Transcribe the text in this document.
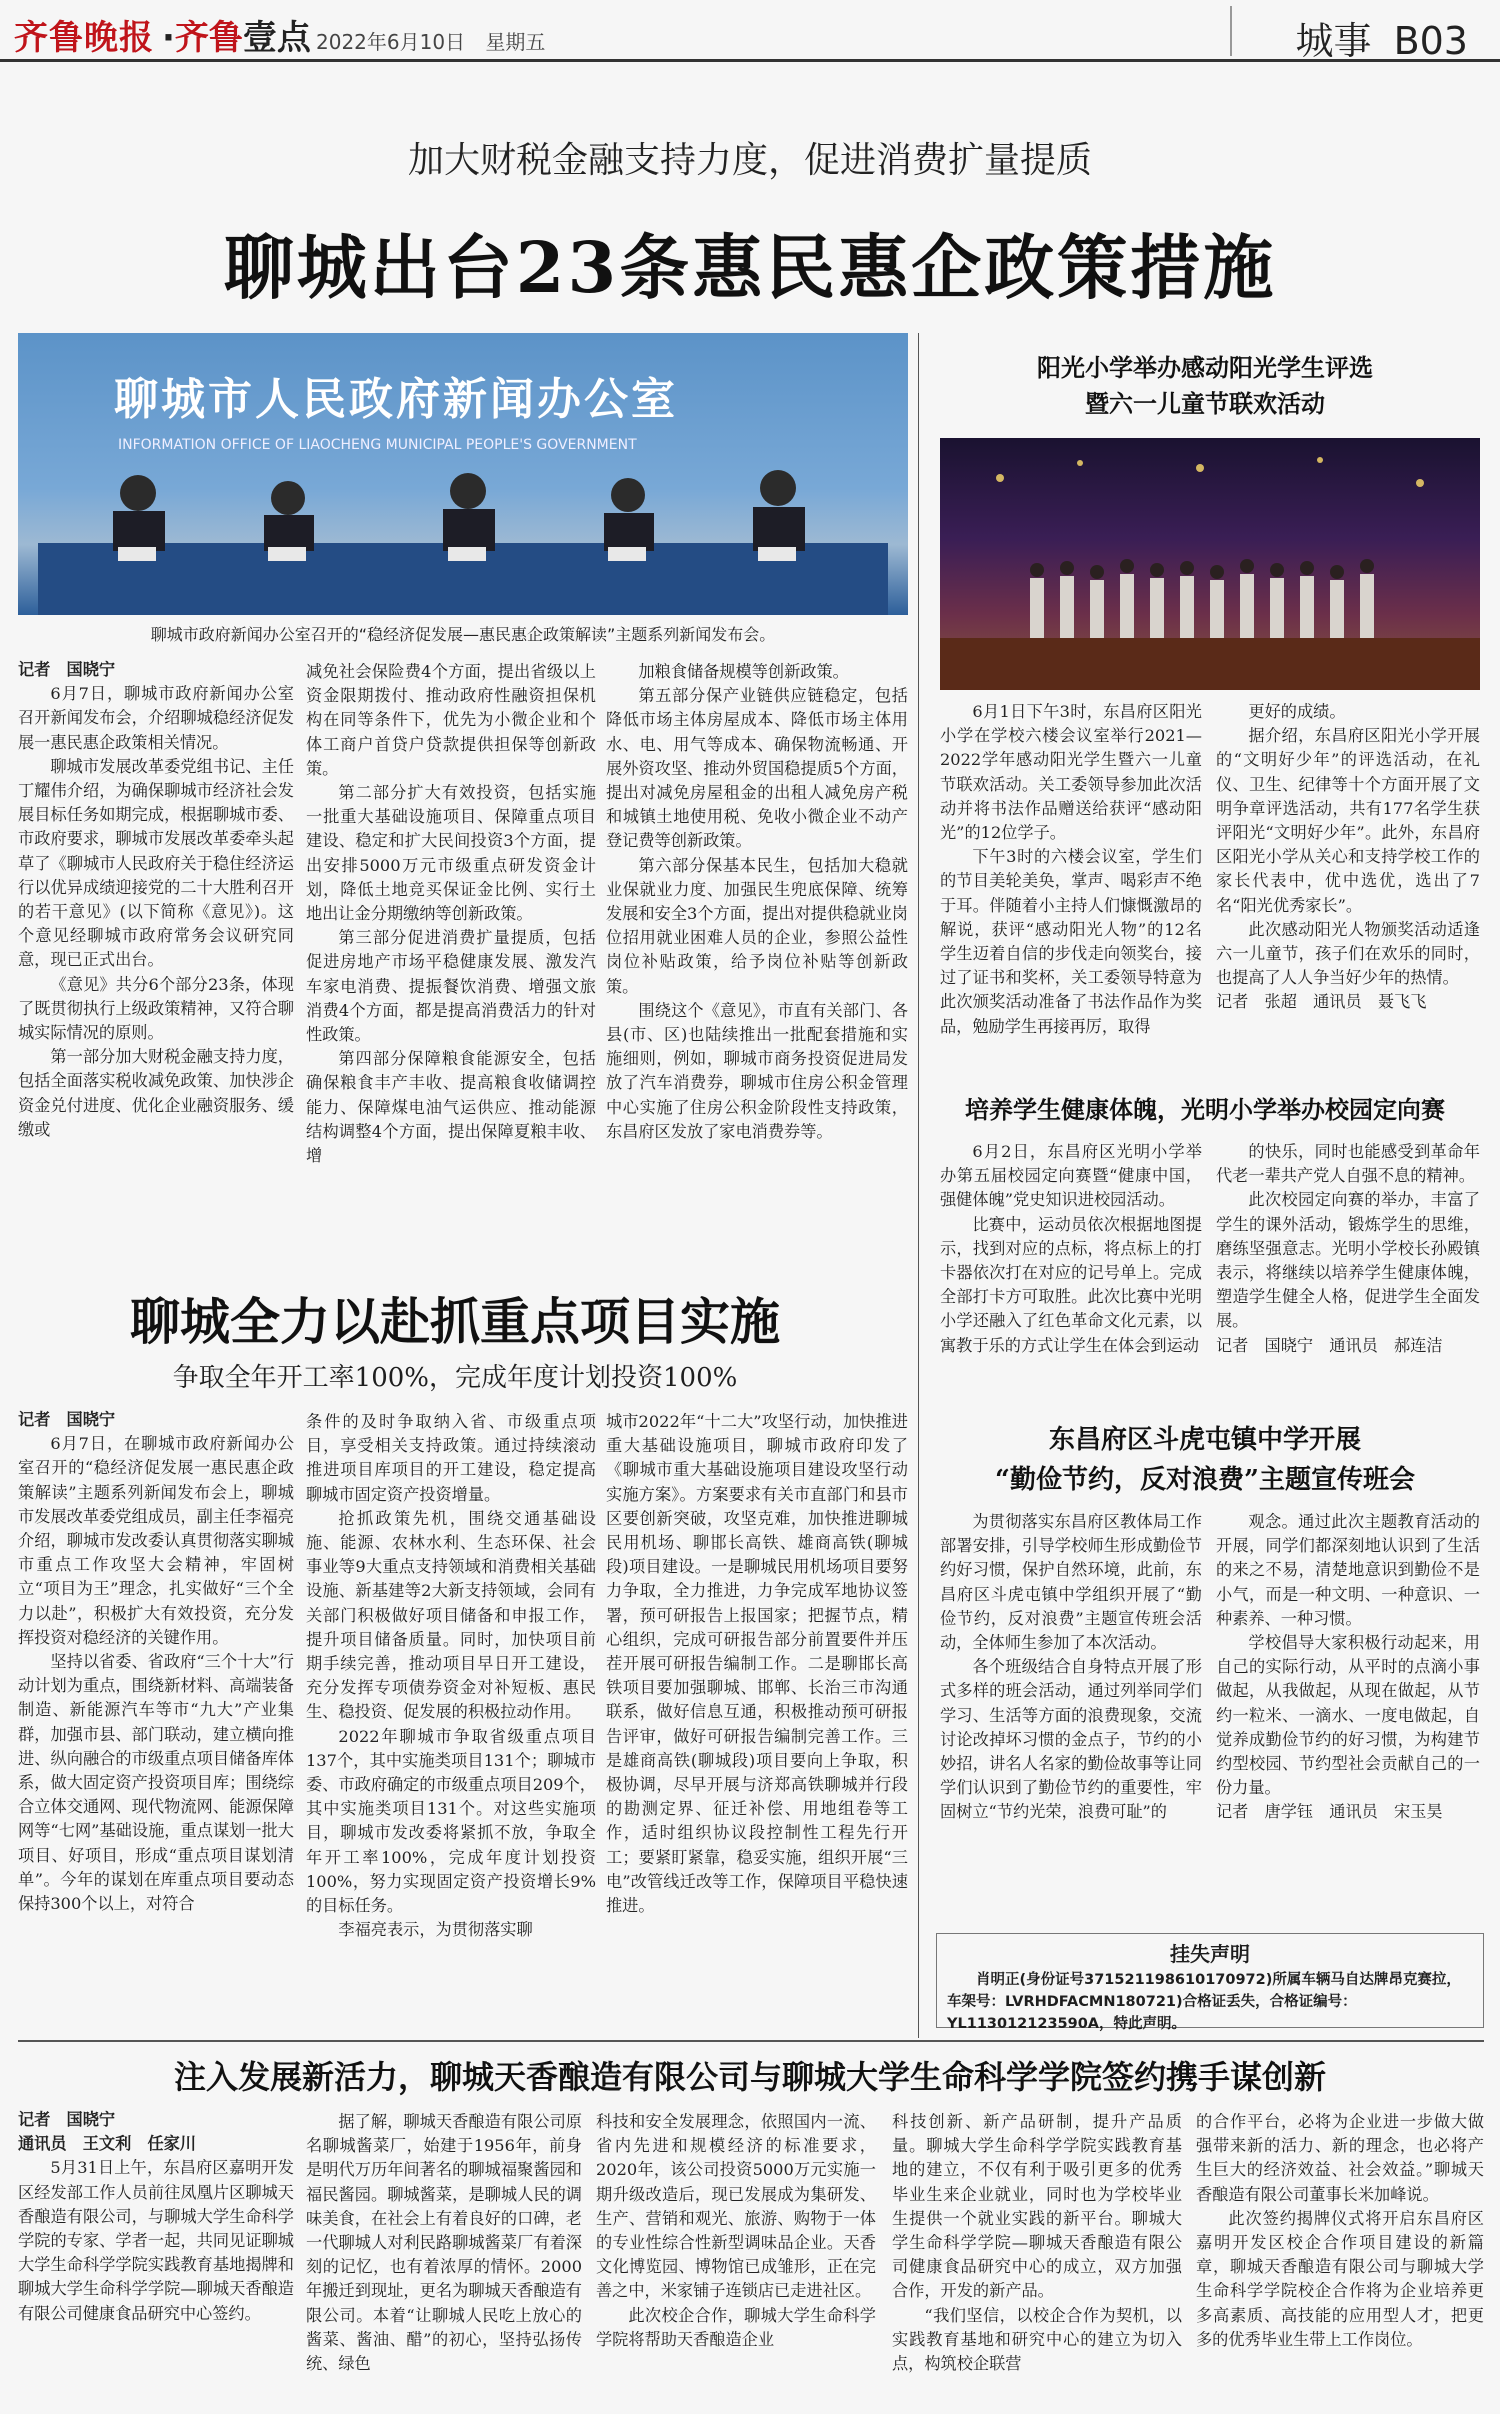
齐鲁晚报 ·齐鲁壹点 2022年6月10日 星期五	城事 B03
加大财税金融支持力度，促进消费扩量提质
聊城出台23条惠民惠企政策措施
聊城市人民政府新闻办公室
INFORMATION OFFICE OF LIAOCHENG MUNICIPAL PEOPLE'S GOVERNMENT
聊城市政府新闻办公室召开的“稳经济促发展—惠民惠企政策解读”主题系列新闻发布会。

记者　国晓宁

6月7日，聊城市政府新闻办公室召开新闻发布会，介绍聊城稳经济促发展一惠民惠企政策相关情况。

聊城市发展改革委党组书记、主任丁耀伟介绍，为确保聊城市经济社会发展目标任务如期完成，根据聊城市委、市政府要求，聊城市发展改革委牵头起草了《聊城市人民政府关于稳住经济运行以优异成绩迎接党的二十大胜利召开的若干意见》(以下简称《意见》)。这个意见经聊城市政府常务会议研究同意，现已正式出台。

《意见》共分6个部分23条，体现了既贯彻执行上级政策精神，又符合聊城实际情况的原则。

第一部分加大财税金融支持力度，包括全面落实税收减免政策、加快涉企资金兑付进度、优化企业融资服务、缓缴或

减免社会保险费4个方面，提出省级以上资金限期拨付、推动政府性融资担保机构在同等条件下，优先为小微企业和个体工商户首贷户贷款提供担保等创新政策。

第二部分扩大有效投资，包括实施一批重大基础设施项目、保障重点项目建设、稳定和扩大民间投资3个方面，提出安排5000万元市级重点研发资金计划，降低土地竞买保证金比例、实行土地出让金分期缴纳等创新政策。

第三部分促进消费扩量提质，包括促进房地产市场平稳健康发展、激发汽车家电消费、提振餐饮消费、增强文旅消费4个方面，都是提高消费活力的针对性政策。

第四部分保障粮食能源安全，包括确保粮食丰产丰收、提高粮食收储调控能力、保障煤电油气运供应、推动能源结构调整4个方面，提出保障夏粮丰收、增

加粮食储备规模等创新政策。

第五部分保产业链供应链稳定，包括降低市场主体房屋成本、降低市场主体用水、电、用气等成本、确保物流畅通、开展外资攻坚、推动外贸国稳提质5个方面，提出对减免房屋租金的出租人减免房产税和城镇土地使用税、免收小微企业不动产登记费等创新政策。

第六部分保基本民生，包括加大稳就业保就业力度、加强民生兜底保障、统筹发展和安全3个方面，提出对提供稳就业岗位招用就业困难人员的企业，参照公益性岗位补贴政策，给予岗位补贴等创新政策。

围绕这个《意见》，市直有关部门、各县(市、区)也陆续推出一批配套措施和实施细则，例如，聊城市商务投资促进局发放了汽车消费券，聊城市住房公积金管理中心实施了住房公积金阶段性支持政策，东昌府区发放了家电消费券等。

阳光小学举办感动阳光学生评选
暨六一儿童节联欢活动

6月1日下午3时，东昌府区阳光小学在学校六楼会议室举行2021—2022学年感动阳光学生暨六一儿童节联欢活动。关工委领导参加此次活动并将书法作品赠送给获评“感动阳光”的12位学子。

下午3时的六楼会议室，学生们的节目美轮美奂，掌声、喝彩声不绝于耳。伴随着小主持人们慷慨激昂的解说，获评“感动阳光人物”的12名学生迈着自信的步伐走向领奖台，接过了证书和奖杯，关工委领导特意为此次颁奖活动准备了书法作品作为奖品，勉励学生再接再厉，取得

更好的成绩。

据介绍，东昌府区阳光小学开展的“文明好少年”的评选活动，在礼仪、卫生、纪律等十个方面开展了文明争章评选活动，共有177名学生获评阳光“文明好少年”。此外，东昌府区阳光小学从关心和支持学校工作的家长代表中，优中选优，选出了7名“阳光优秀家长”。

此次感动阳光人物颁奖活动适逢六一儿童节，孩子们在欢乐的同时，也提高了人人争当好少年的热情。

记者　张超　通讯员　聂飞飞

培养学生健康体魄，光明小学举办校园定向赛

6月2日，东昌府区光明小学举办第五届校园定向赛暨“健康中国，强健体魄”党史知识进校园活动。

比赛中，运动员依次根据地图提示，找到对应的点标，将点标上的打卡器依次打在对应的记号单上。完成全部打卡方可取胜。此次比赛中光明小学还融入了红色革命文化元素，以寓教于乐的方式让学生在体会到运动

的快乐，同时也能感受到革命年代老一辈共产党人自强不息的精神。

此次校园定向赛的举办，丰富了学生的课外活动，锻炼学生的思维，磨练坚强意志。光明小学校长孙殿镇表示，将继续以培养学生健康体魄，塑造学生健全人格，促进学生全面发展。

记者　国晓宁　通讯员　郝连洁

聊城全力以赴抓重点项目实施
争取全年开工率100%，完成年度计划投资100%

记者　国晓宁

6月7日，在聊城市政府新闻办公室召开的“稳经济促发展一惠民惠企政策解读”主题系列新闻发布会上，聊城市发展改革委党组成员，副主任李福亮介绍，聊城市发改委认真贯彻落实聊城市重点工作攻坚大会精神，牢固树立“项目为王”理念，扎实做好“三个全力以赴”，积极扩大有效投资，充分发挥投资对稳经济的关键作用。

坚持以省委、省政府“三个十大”行动计划为重点，围绕新材料、高端装备制造、新能源汽车等市“九大”产业集群，加强市县、部门联动，建立横向推进、纵向融合的市级重点项目储备库体系，做大固定资产投资项目库；围绕综合立体交通网、现代物流网、能源保障网等“七网”基础设施，重点谋划一批大项目、好项目，形成“重点项目谋划清单”。今年的谋划在库重点项目要动态保持300个以上，对符合

条件的及时争取纳入省、市级重点项目，享受相关支持政策。通过持续滚动推进项目库项目的开工建设，稳定提高聊城市固定资产投资增量。

抢抓政策先机，围绕交通基础设施、能源、农林水利、生态环保、社会事业等9大重点支持领域和消费相关基础设施、新基建等2大新支持领域，会同有关部门积极做好项目储备和申报工作，提升项目储备质量。同时，加快项目前期手续完善，推动项目早日开工建设，充分发挥专项债券资金对补短板、惠民生、稳投资、促发展的积极拉动作用。

2022年聊城市争取省级重点项目137个，其中实施类项目131个；聊城市委、市政府确定的市级重点项目209个，其中实施类项目131个。对这些实施项目，聊城市发改委将紧抓不放，争取全年开工率100%，完成年度计划投资100%，努力实现固定资产投资增长9%的目标任务。

李福亮表示，为贯彻落实聊

城市2022年“十二大”攻坚行动，加快推进重大基础设施项目，聊城市政府印发了《聊城市重大基础设施项目建设攻坚行动实施方案》。方案要求有关市直部门和县市区要创新突破，攻坚克难，加快推进聊城民用机场、聊邯长高铁、雄商高铁(聊城段)项目建设。一是聊城民用机场项目要努力争取，全力推进，力争完成军地协议签署，预可研报告上报国家；把握节点，精心组织，完成可研报告部分前置要件并压茬开展可研报告编制工作。二是聊邯长高铁项目要加强聊城、邯郸、长治三市沟通联系，做好信息互通，积极推动预可研报告评审，做好可研报告编制完善工作。三是雄商高铁(聊城段)项目要向上争取，积极协调，尽早开展与济郑高铁聊城并行段的勘测定界、征迁补偿、用地组卷等工作，适时组织协议段控制性工程先行开工；要紧盯紧靠，稳妥实施，组织开展“三电”改管线迁改等工作，保障项目平稳快速推进。

东昌府区斗虎屯镇中学开展
“勤俭节约，反对浪费”主题宣传班会

为贯彻落实东昌府区教体局工作部署安排，引导学校师生形成勤俭节约好习惯，保护自然环境，此前，东昌府区斗虎屯镇中学组织开展了“勤俭节约，反对浪费”主题宣传班会活动，全体师生参加了本次活动。

各个班级结合自身特点开展了形式多样的班会活动，通过列举同学们学习、生活等方面的浪费现象，交流讨论改掉坏习惯的金点子，节约的小妙招，讲名人名家的勤俭故事等让同学们认识到了勤俭节约的重要性，牢固树立“节约光荣，浪费可耻”的

观念。通过此次主题教育活动的开展，同学们都深刻地认识到了生活的来之不易，清楚地意识到勤俭不是小气，而是一种文明、一种意识、一种素养、一种习惯。

学校倡导大家积极行动起来，用自己的实际行动，从平时的点滴小事做起，从我做起，从现在做起，从节约一粒米、一滴水、一度电做起，自觉养成勤俭节约的好习惯，为构建节约型校园、节约型社会贡献自己的一份力量。

记者　唐学钰　通讯员　宋玉昊

挂失声明
肖明正(身份证号371521198610170972)所属车辆马自达牌昂克赛拉，车架号：LVRHDFACMN180721)合格证丢失，合格证编号：YL113012123590A，特此声明。
注入发展新活力，聊城天香酿造有限公司与聊城大学生命科学学院签约携手谋创新

记者　国晓宁

通讯员　王文利　任家川

5月31日上午，东昌府区嘉明开发区经发部工作人员前往凤凰片区聊城天香酿造有限公司，与聊城大学生命科学学院的专家、学者一起，共同见证聊城大学生命科学学院实践教育基地揭牌和聊城大学生命科学学院—聊城天香酿造有限公司健康食品研究中心签约。

据了解，聊城天香酿造有限公司原名聊城酱菜厂，始建于1956年，前身是明代万历年间著名的聊城福聚酱园和福民酱园。聊城酱菜，是聊城人民的调味美食，在社会上有着良好的口碑，老一代聊城人对利民路聊城酱菜厂有着深刻的记忆，也有着浓厚的情怀。2000年搬迁到现址，更名为聊城天香酿造有限公司。本着“让聊城人民吃上放心的酱菜、酱油、醋”的初心，坚持弘扬传统、绿色

科技和安全发展理念，依照国内一流、省内先进和规模经济的标准要求，2020年，该公司投资5000万元实施一期升级改造后，现已发展成为集研发、生产、营销和观光、旅游、购物于一体的专业性综合性新型调味品企业。天香文化博览园、博物馆已成雏形，正在完善之中，米家铺子连锁店已走进社区。

此次校企合作，聊城大学生命科学学院将帮助天香酿造企业

科技创新、新产品研制，提升产品质量。聊城大学生命科学学院实践教育基地的建立，不仅有利于吸引更多的优秀毕业生来企业就业，同时也为学校毕业生提供一个就业实践的新平台。聊城大学生命科学学院—聊城天香酿造有限公司健康食品研究中心的成立，双方加强合作，开发的新产品。

“我们坚信，以校企合作为契机，以实践教育基地和研究中心的建立为切入点，构筑校企联营

的合作平台，必将为企业进一步做大做强带来新的活力、新的理念，也必将产生巨大的经济效益、社会效益。”聊城天香酿造有限公司董事长米加峰说。

此次签约揭牌仪式将开启东昌府区嘉明开发区校企合作项目建设的新篇章，聊城天香酿造有限公司与聊城大学生命科学学院校企合作将为企业培养更多高素质、高技能的应用型人才，把更多的优秀毕业生带上工作岗位。
